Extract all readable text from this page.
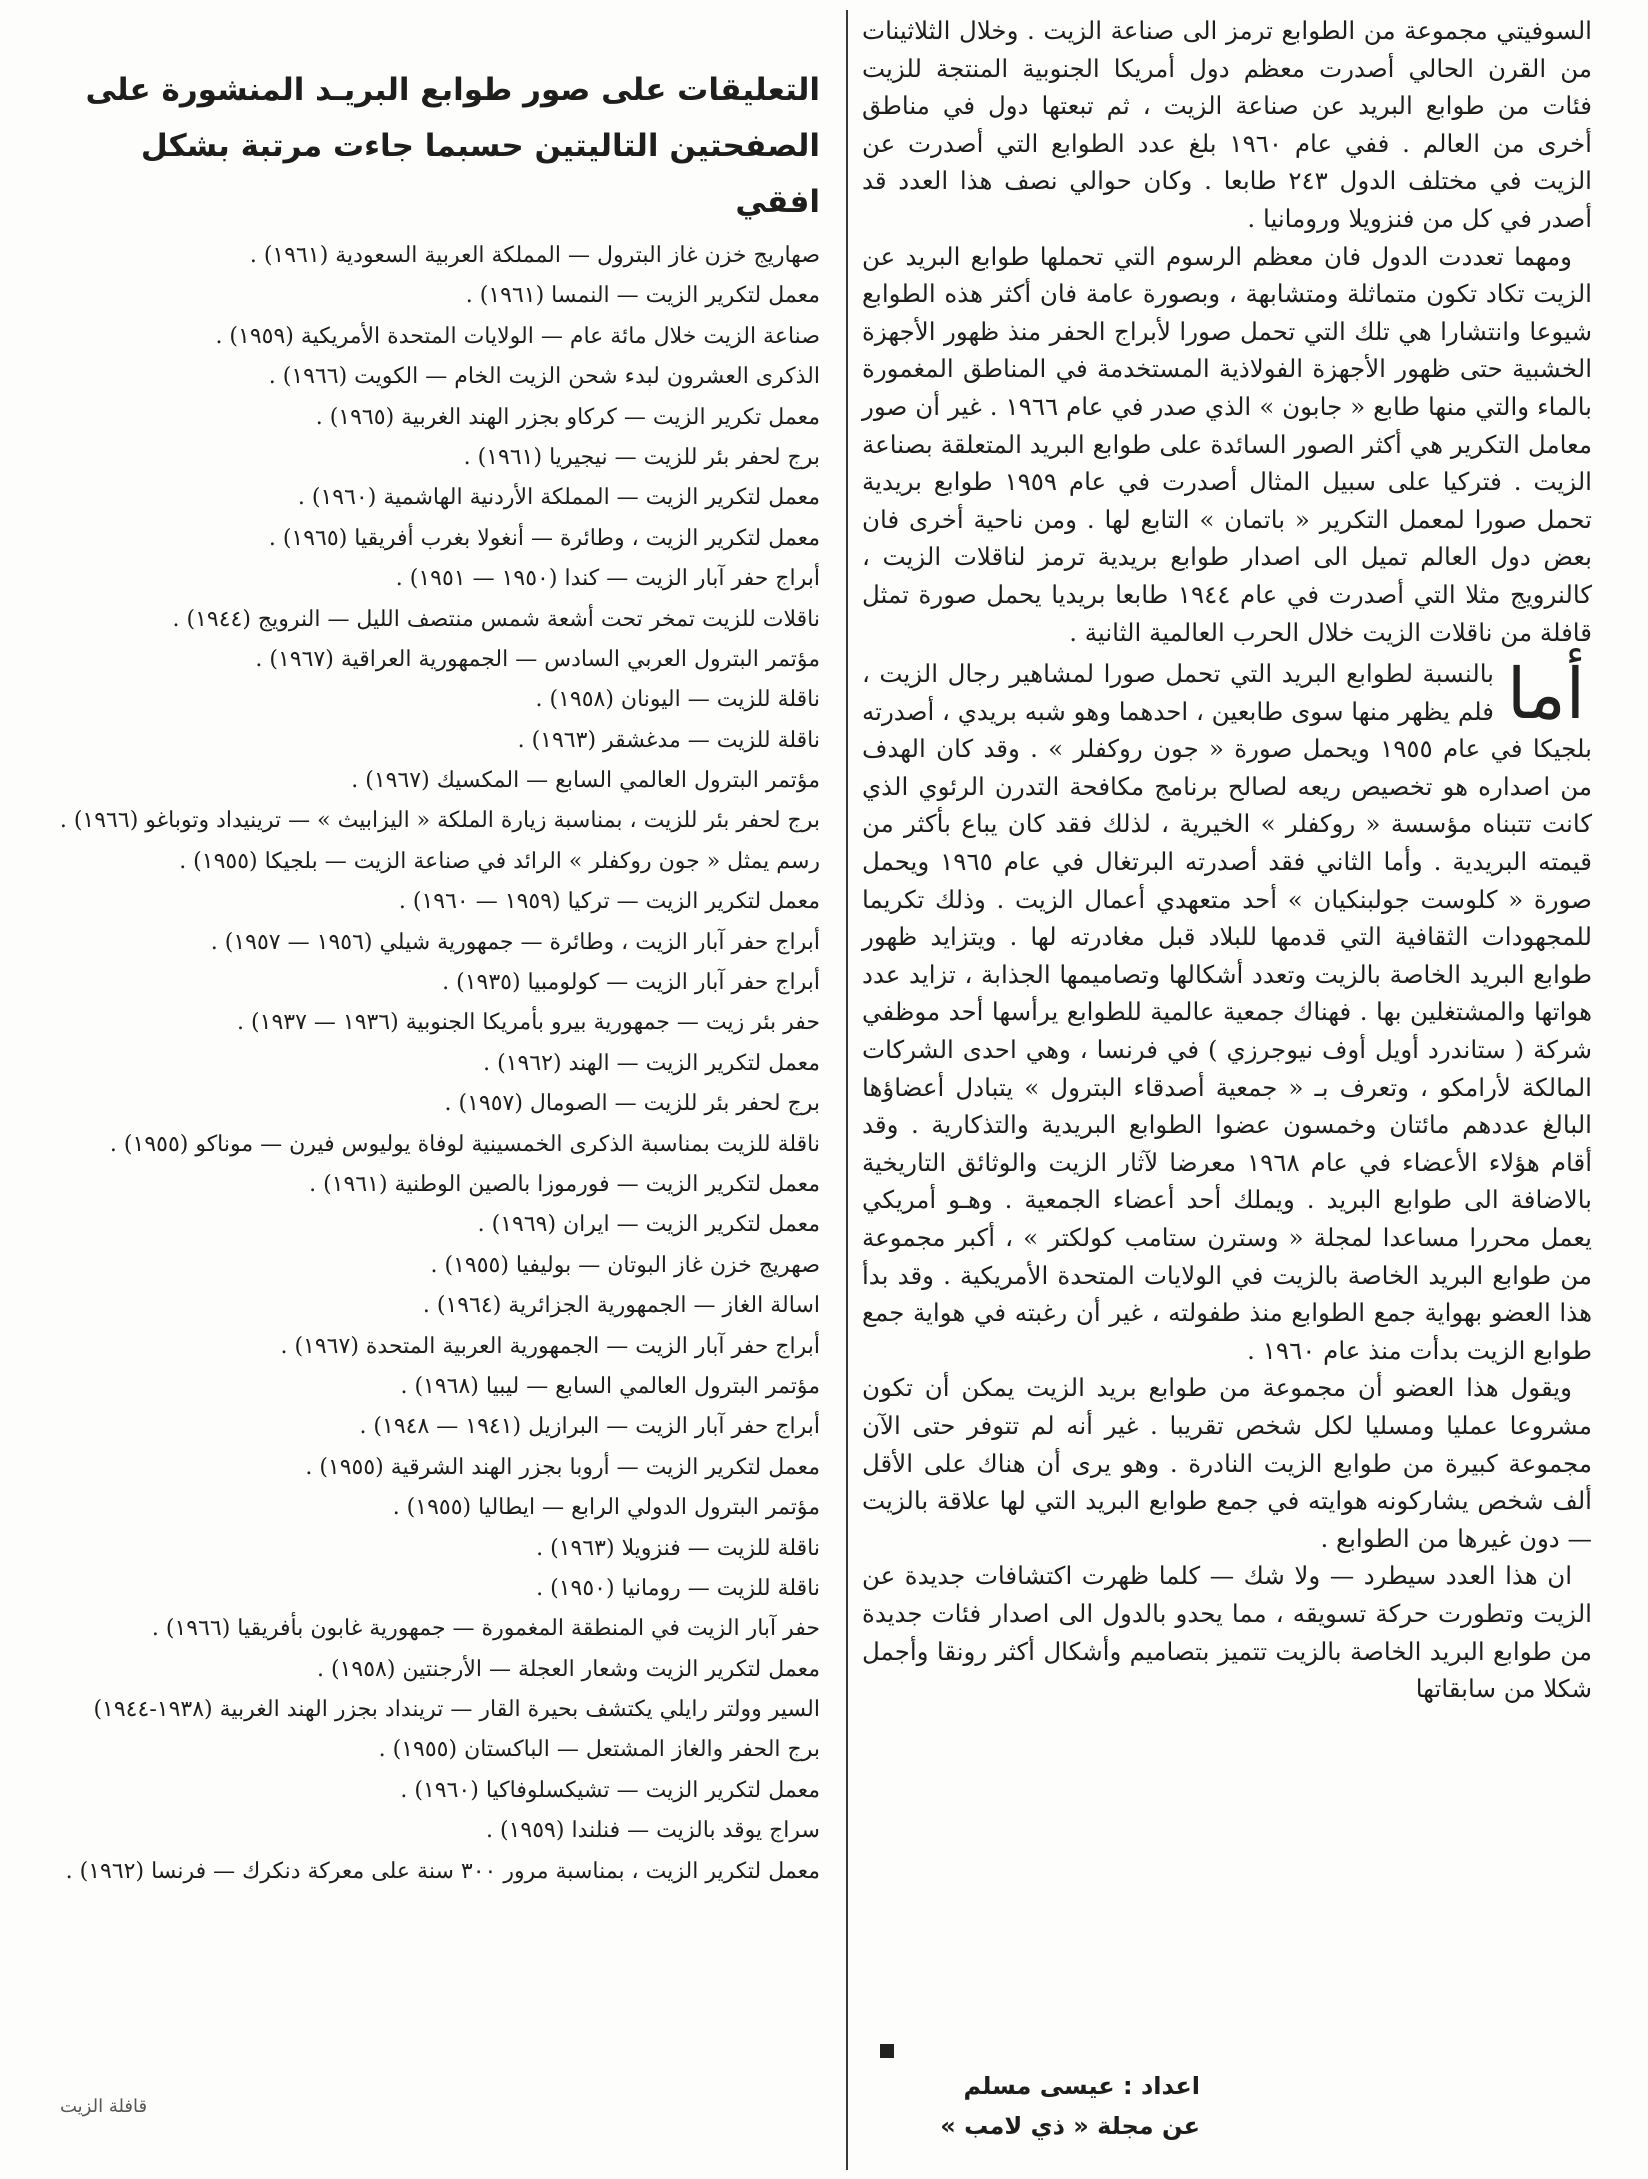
السوفيتي مجموعة من الطوابع ترمز الى صناعة الزيت . وخلال الثلاثينات من القرن الحالي أصدرت معظم دول أمريكا الجنوبية المنتجة للزيت فئات من طوابع البريد عن صناعة الزيت ، ثم تبعتها دول في مناطق أخرى من العالم . ففي عام ١٩٦٠ بلغ عدد الطوابع التي أصدرت عن الزيت في مختلف الدول ٢٤٣ طابعا . وكان حوالي نصف هذا العدد قد أصدر في كل من فنزويلا ورومانيا .

ومهما تعددت الدول فان معظم الرسوم التي تحملها طوابع البريد عن الزيت تكاد تكون متماثلة ومتشابهة ، وبصورة عامة فان أكثر هذه الطوابع شيوعا وانتشارا هي تلك التي تحمل صورا لأبراج الحفر منذ ظهور الأجهزة الخشبية حتى ظهور الأجهزة الفولاذية المستخدمة في المناطق المغمورة بالماء والتي منها طابع « جابون » الذي صدر في عام ١٩٦٦ . غير أن صور معامل التكرير هي أكثر الصور السائدة على طوابع البريد المتعلقة بصناعة الزيت . فتركيا على سبيل المثال أصدرت في عام ١٩٥٩ طوابع بريدية تحمل صورا لمعمل التكرير « باتمان » التابع لها . ومن ناحية أخرى فان بعض دول العالم تميل الى اصدار طوابع بريدية ترمز لناقلات الزيت ، كالنرويج مثلا التي أصدرت في عام ١٩٤٤ طابعا بريديا يحمل صورة تمثل قافلة من ناقلات الزيت خلال الحرب العالمية الثانية .

أما
بالنسبة لطوابع البريد التي تحمل صورا لمشاهير رجال الزيت ، فلم يظهر منها سوى طابعين ، احدهما وهو شبه بريدي ، أصدرته بلجيكا في عام ١٩٥٥ ويحمل صورة « جون روكفلر » . وقد كان الهدف من اصداره هو تخصيص ريعه لصالح برنامج مكافحة التدرن الرئوي الذي كانت تتبناه مؤسسة « روكفلر » الخيرية ، لذلك فقد كان يباع بأكثر من قيمته البريدية . وأما الثاني فقد أصدرته البرتغال في عام ١٩٦٥ ويحمل صورة « كلوست جولبنكيان » أحد متعهدي أعمال الزيت . وذلك تكريما للمجهودات الثقافية التي قدمها للبلاد قبل مغادرته لها . ويتزايد ظهور طوابع البريد الخاصة بالزيت وتعدد أشكالها وتصاميمها الجذابة ، تزايد عدد هواتها والمشتغلين بها . فهناك جمعية عالمية للطوابع يرأسها أحد موظفي شركة ( ستاندرد أويل أوف نيوجرزي ) في فرنسا ، وهي احدى الشركات المالكة لأرامكو ، وتعرف بـ « جمعية أصدقاء البترول » يتبادل أعضاؤها البالغ عددهم مائتان وخمسون عضوا الطوابع البريدية والتذكارية . وقد أقام هؤلاء الأعضاء في عام ١٩٦٨ معرضا لآثار الزيت والوثائق التاريخية بالاضافة الى طوابع البريد . ويملك أحد أعضاء الجمعية . وهـو أمريكي يعمل محررا مساعدا لمجلة « وسترن ستامب كولكتر » ، أكبر مجموعة من طوابع البريد الخاصة بالزيت في الولايات المتحدة الأمريكية . وقد بدأ هذا العضو بهواية جمع الطوابع منذ طفولته ، غير أن رغبته في هواية جمع طوابع الزيت بدأت منذ عام ١٩٦٠ .

ويقول هذا العضو أن مجموعة من طوابع بريد الزيت يمكن أن تكون مشروعا عمليا ومسليا لكل شخص تقريبا . غير أنه لم تتوفر حتى الآن مجموعة كبيرة من طوابع الزيت النادرة . وهو يرى أن هناك على الأقل ألف شخص يشاركونه هوايته في جمع طوابع البريد التي لها علاقة بالزيت — دون غيرها من الطوابع .

ان هذا العدد سيطرد — ولا شك — كلما ظهرت اكتشافات جديدة عن الزيت وتطورت حركة تسويقه ، مما يحدو بالدول الى اصدار فئات جديدة من طوابع البريد الخاصة بالزيت تتميز بتصاميم وأشكال أكثر رونقا وأجمل شكلا من سابقاتها

اعداد : عيسى مسلم
عن مجلة « ذي لامب »
التعليقات على صور طوابع البريـد المنشورة على
الصفحتين التاليتين حسبما جاءت مرتبة بشكل افقي
صهاريج خزن غاز البترول — المملكة العربية السعودية (١٩٦١) .
معمل لتكرير الزيت — النمسا (١٩٦١) .
صناعة الزيت خلال مائة عام — الولايات المتحدة الأمريكية (١٩٥٩) .
الذكرى العشرون لبدء شحن الزيت الخام — الكويت (١٩٦٦) .
معمل تكرير الزيت — كركاو بجزر الهند الغربية (١٩٦٥) .
برج لحفر بئر للزيت — نيجيريا (١٩٦١) .
معمل لتكرير الزيت — المملكة الأردنية الهاشمية (١٩٦٠) .
معمل لتكرير الزيت ، وطائرة — أنغولا بغرب أفريقيا (١٩٦٥) .
أبراج حفر آبار الزيت — كندا (١٩٥٠ — ١٩٥١) .
ناقلات للزيت تمخر تحت أشعة شمس منتصف الليل — النرويج (١٩٤٤) .
مؤتمر البترول العربي السادس — الجمهورية العراقية (١٩٦٧) .
ناقلة للزيت — اليونان (١٩٥٨) .
ناقلة للزيت — مدغشقر (١٩٦٣) .
مؤتمر البترول العالمي السابع — المكسيك (١٩٦٧) .
برج لحفر بئر للزيت ، بمناسبة زيارة الملكة « اليزابيث » — ترينيداد وتوباغو (١٩٦٦) .
رسم يمثل « جون روكفلر » الرائد في صناعة الزيت — بلجيكا (١٩٥٥) .
معمل لتكرير الزيت — تركيا (١٩٥٩ — ١٩٦٠) .
أبراج حفر آبار الزيت ، وطائرة — جمهورية شيلي (١٩٥٦ — ١٩٥٧) .
أبراج حفر آبار الزيت — كولومبيا (١٩٣٥) .
حفر بئر زيت — جمهورية بيرو بأمريكا الجنوبية (١٩٣٦ — ١٩٣٧) .
معمل لتكرير الزيت — الهند (١٩٦٢) .
برج لحفر بئر للزيت — الصومال (١٩٥٧) .
ناقلة للزيت بمناسبة الذكرى الخمسينية لوفاة يوليوس فيرن — موناكو (١٩٥٥) .
معمل لتكرير الزيت — فورموزا بالصين الوطنية (١٩٦١) .
معمل لتكرير الزيت — ايران (١٩٦٩) .
صهريج خزن غاز البوتان — بوليفيا (١٩٥٥) .
اسالة الغاز — الجمهورية الجزائرية (١٩٦٤) .
أبراج حفر آبار الزيت — الجمهورية العربية المتحدة (١٩٦٧) .
مؤتمر البترول العالمي السابع — ليبيا (١٩٦٨) .
أبراج حفر آبار الزيت — البرازيل (١٩٤١ — ١٩٤٨) .
معمل لتكرير الزيت — أروبا بجزر الهند الشرقية (١٩٥٥) .
مؤتمر البترول الدولي الرابع — ايطاليا (١٩٥٥) .
ناقلة للزيت — فنزويلا (١٩٦٣) .
ناقلة للزيت — رومانيا (١٩٥٠) .
حفر آبار الزيت في المنطقة المغمورة — جمهورية غابون بأفريقيا (١٩٦٦) .
معمل لتكرير الزيت وشعار العجلة — الأرجنتين (١٩٥٨) .
السير وولتر رايلي يكتشف بحيرة القار — ترينداد بجزر الهند الغربية (١٩٣٨-١٩٤٤)
برج الحفر والغاز المشتعل — الباكستان (١٩٥٥) .
معمل لتكرير الزيت — تشيكسلوفاكيا (١٩٦٠) .
سراج يوقد بالزيت — فنلندا (١٩٥٩) .
معمل لتكرير الزيت ، بمناسبة مرور ٣٠٠ سنة على معركة دنكرك — فرنسا (١٩٦٢) .
قافلة الزيت
